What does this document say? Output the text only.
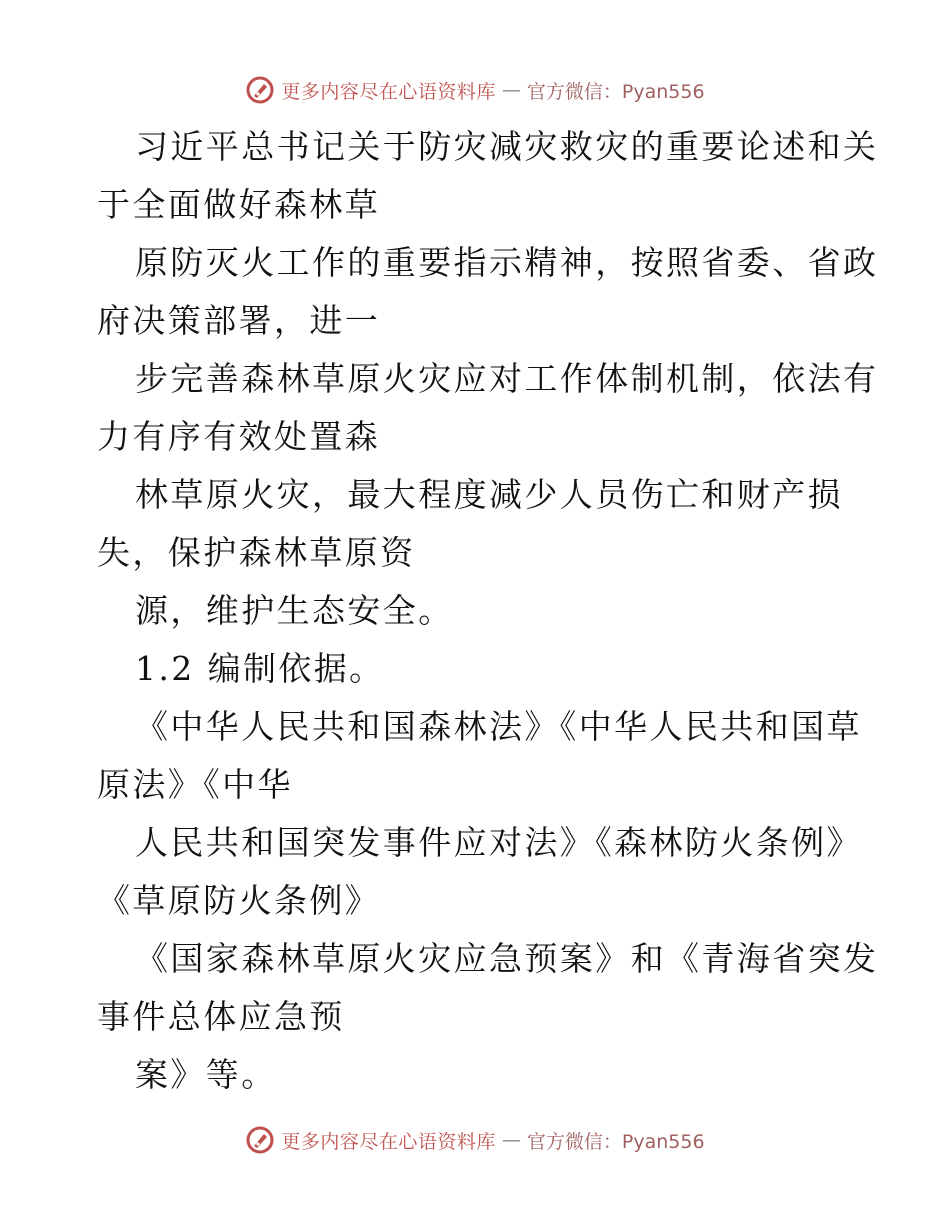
更多内容尽在心语资料库 — 官方微信：Pyan556
习近平总书记关于防灾减灾救灾的重要论述和关
于全面做好森林草
原防灭火工作的重要指示精神，按照省委、省政
府决策部署，进一
步完善森林草原火灾应对工作体制机制，依法有
力有序有效处置森
林草原火灾，最大程度减少人员伤亡和财产损
失，保护森林草原资
源，维护生态安全。
1.2 编制依据。
《中华人民共和国森林法》《中华人民共和国草
原法》《中华
人民共和国突发事件应对法》《森林防火条例》
《草原防火条例》
《国家森林草原火灾应急预案》和《青海省突发
事件总体应急预
案》等。
更多内容尽在心语资料库 — 官方微信：Pyan556
